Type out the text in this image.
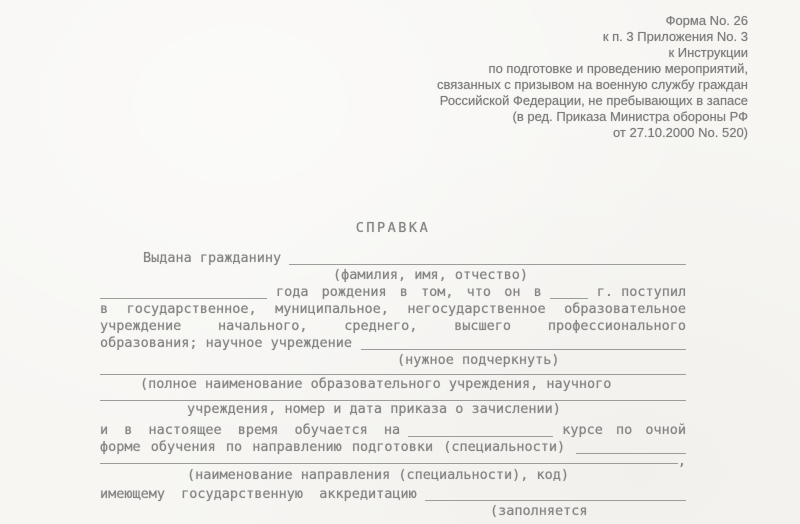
Форма No. 26
к п. 3 Приложения No. 3
к Инструкции
по подготовке и проведению мероприятий,
связанных с призывом на военную службу граждан
Российской Федерации, не пребывающих в запасе
(в ред. Приказа Министра обороны РФ
от 27.10.2000 No. 520)
СПРАВКА
Выдана гражданину
(фамилия, имя, отчество)
года рождения в том, что он в	г. поступил
в государственное, муниципальное, негосударственное образовательное
учреждение начального, среднего, высшего профессионального
образования; научное учреждение
(нужное подчеркнуть)
(полное наименование образовательного учреждения, научного
учреждения, номер и дата приказа о зачислении)
и в настоящее время обучается на	курсе по очной
форме обучения по направлению подготовки (специальности)
,
(наименование направления (специальности), код)
имеющему государственную аккредитацию
(заполняется
